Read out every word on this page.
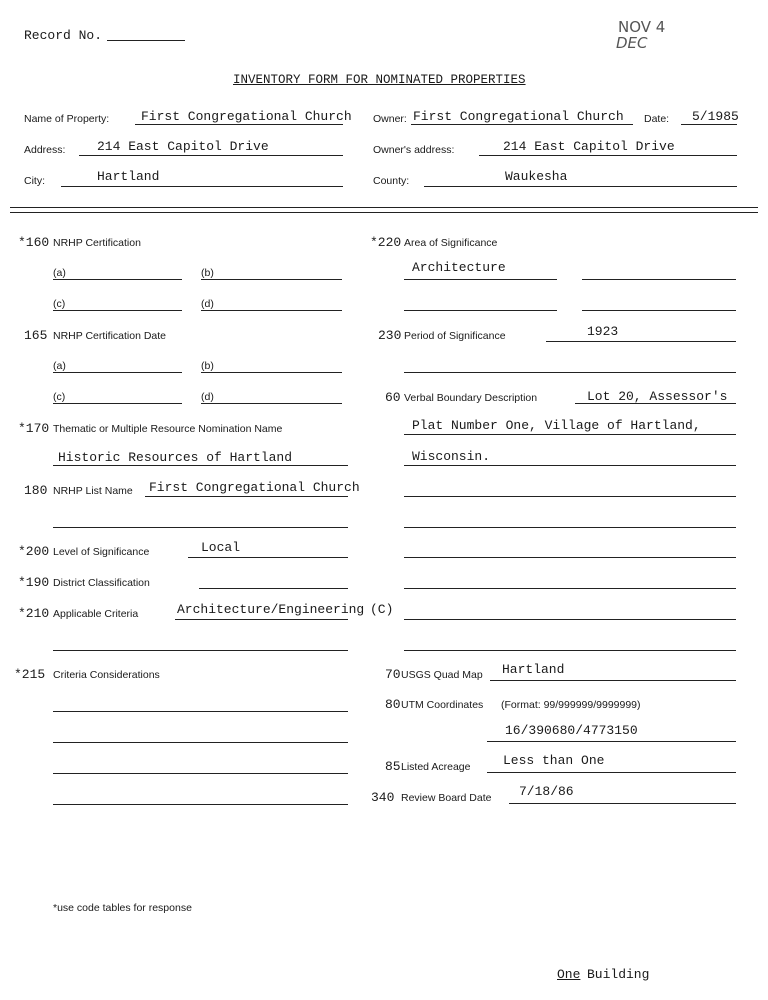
Record No.	NOV 4
DEC
INVENTORY FORM FOR NOMINATED PROPERTIES
Name of Property: First Congregational Church Owner: First Congregational Church Date: 5/1985
Address: 214 East Capitol Drive	Owner's address:	214 East Capitol Drive
City:	Hartland	County:	Waukesha
*160 NRHP Certification
(a)	(b)
(c)	(d)
165 NRHP Certification Date
(a)	(b)
(c)	(d)
*170 Thematic or Multiple Resource Nomination Name
Historic Resources of Hartland
180 NRHP List Name First Congregational Church
*200 Level of Significance	Local
*190 District Classification
*210 Applicable Criteria	Architecture/Engineering (C)
*215 Criteria Considerations
*220 Area of Significance
Architecture
230 Period of Significance	1923
60 Verbal Boundary Description	Lot 20, Assessor's
Plat Number One, Village of Hartland,
Wisconsin.
70 USGS Quad Map Hartland
80 UTM Coordinates (Format: 99/999999/9999999)
16/390680/4773150
85 Listed Acreage	Less than One
340 Review Board Date 7/18/86
*use code tables for response
One Building
